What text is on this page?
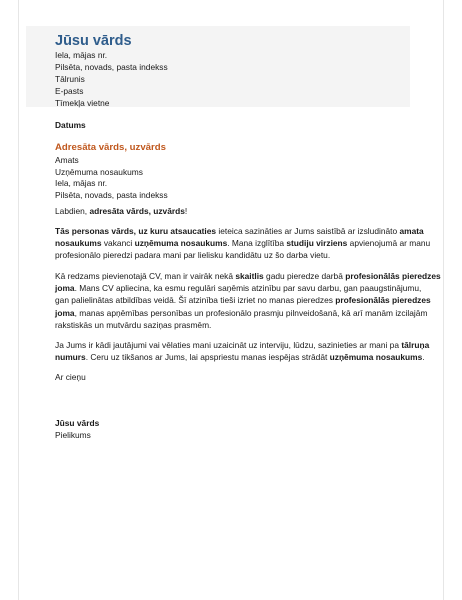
Jūsu vārds
Iela, mājas nr.
Pilsēta, novads, pasta indekss
Tālrunis
E-pasts
Tīmekļa vietne
Datums
Adresāta vārds, uzvārds
Amats
Uzņēmuma nosaukums
Iela, mājas nr.
Pilsēta, novads, pasta indekss
Labdien, adresāta vārds, uzvārds!
Tās personas vārds, uz kuru atsaucaties ieteica sazināties ar Jums saistībā ar izsludināto amata
nosaukums vakanci uzņēmuma nosaukums. Mana izglītība studiju virziens apvienojumā ar manu
profesionālo pieredzi padara mani par lielisku kandidātu uz šo darba vietu.
Kā redzams pievienotajā CV, man ir vairāk nekā skaitlis gadu pieredze darbā profesionālās pieredzes
joma. Mans CV apliecina, ka esmu regulāri saņēmis atzinību par savu darbu, gan paaugstinājumu,
gan palielinātas atbildības veidā. Šī atzinība tieši izriet no manas pieredzes profesionālās pieredzes
joma, manas apņēmības personības un profesionālo prasmju pilnveidošanā, kā arī manām izcilajām
rakstiskās un mutvārdu saziņas prasmēm.
Ja Jums ir kādi jautājumi vai vēlaties mani uzaicināt uz interviju, lūdzu, sazinieties ar mani pa tālruņa
numurs. Ceru uz tikšanos ar Jums, lai apspriestu manas iespējas strādāt uzņēmuma nosaukums.
Ar cieņu
Jūsu vārds
Pielikums
